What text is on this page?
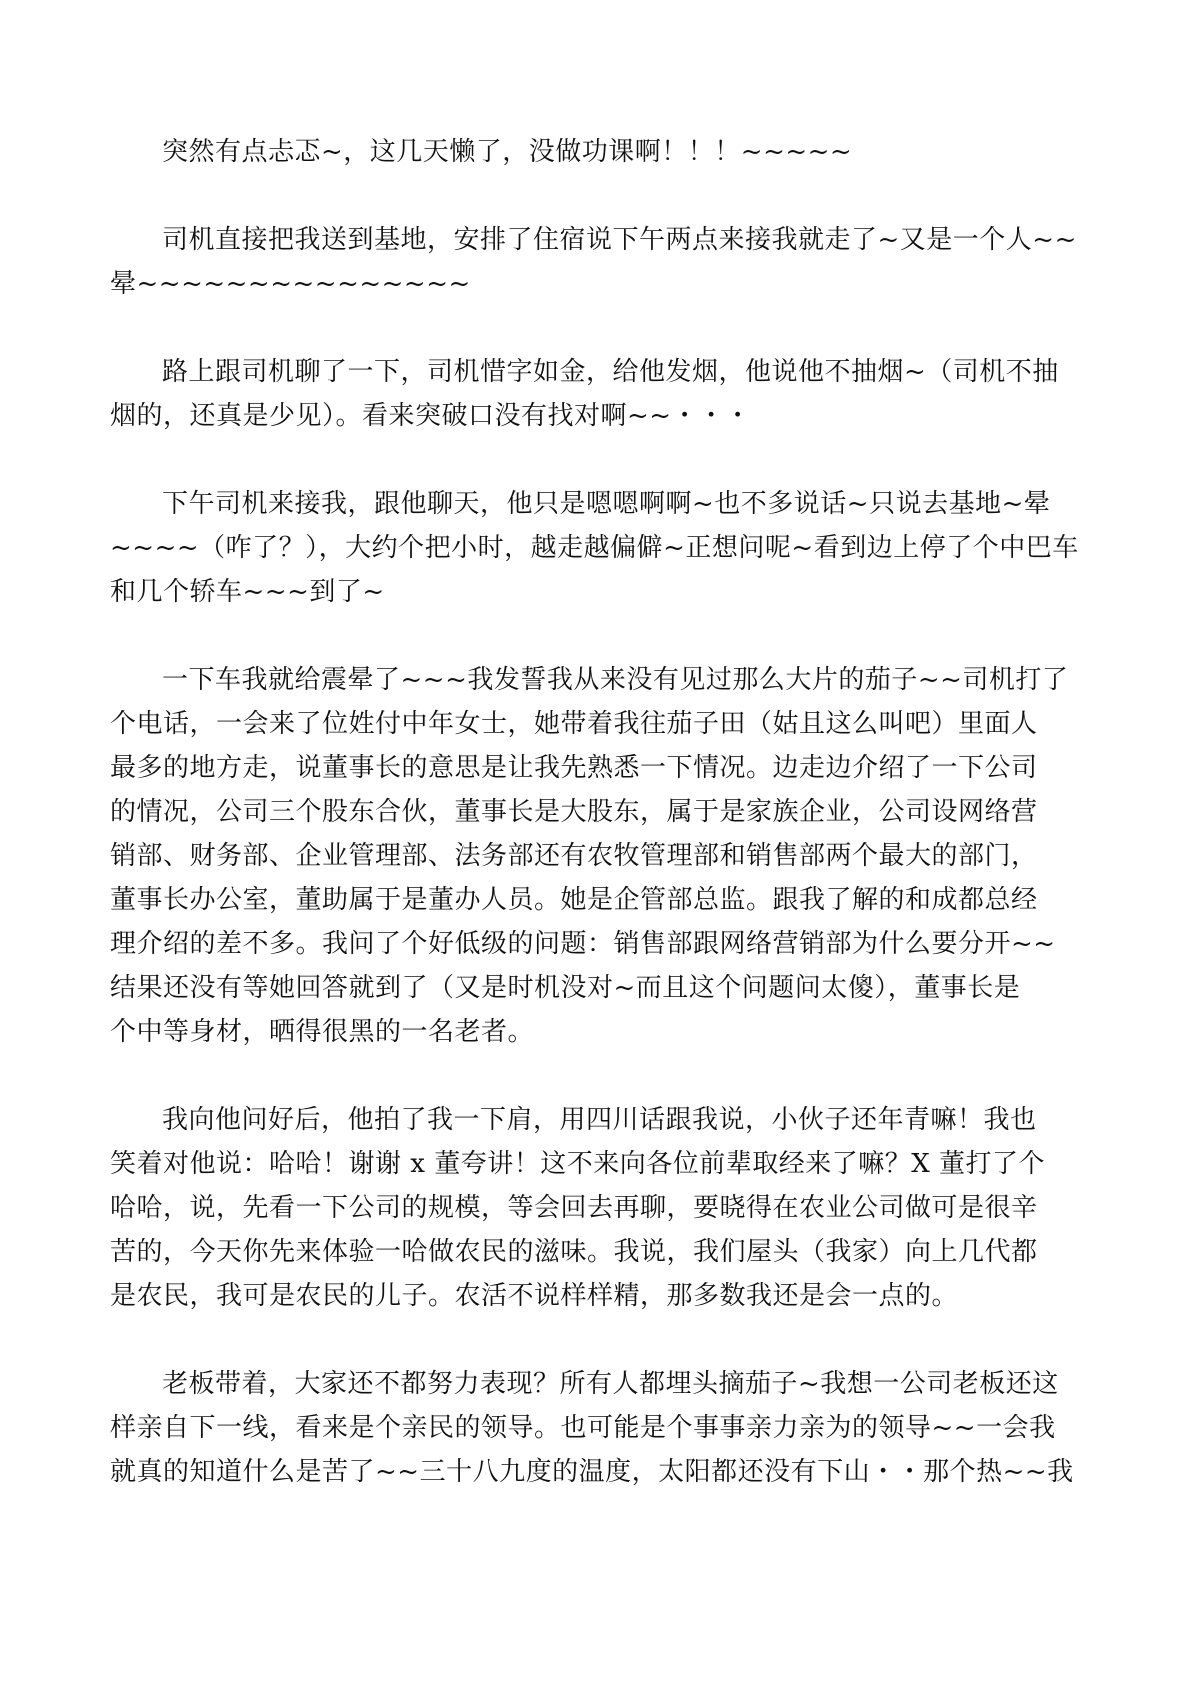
突然有点忐忑~，这几天懒了，没做功课啊！！！~~~~~

司机直接把我送到基地，安排了住宿说下午两点来接我就走了~又是一个人~~
晕~~~~~~~~~~~~~~~

路上跟司机聊了一下，司机惜字如金，给他发烟，他说他不抽烟~（司机不抽
烟的，还真是少见）。看来突破口没有找对啊~~・・・

下午司机来接我，跟他聊天，他只是嗯嗯啊啊~也不多说话~只说去基地~晕
~~~~（咋了？），大约个把小时，越走越偏僻~正想问呢~看到边上停了个中巴车
和几个轿车~~~到了~

一下车我就给震晕了~~~我发誓我从来没有见过那么大片的茄子~~司机打了
个电话，一会来了位姓付中年女士，她带着我往茄子田（姑且这么叫吧）里面人
最多的地方走，说董事长的意思是让我先熟悉一下情况。边走边介绍了一下公司
的情况，公司三个股东合伙，董事长是大股东，属于是家族企业，公司设网络营
销部、财务部、企业管理部、法务部还有农牧管理部和销售部两个最大的部门，
董事长办公室，董助属于是董办人员。她是企管部总监。跟我了解的和成都总经
理介绍的差不多。我问了个好低级的问题：销售部跟网络营销部为什么要分开~~
结果还没有等她回答就到了（又是时机没对~而且这个问题问太傻），董事长是
个中等身材，晒得很黑的一名老者。

我向他问好后，他拍了我一下肩，用四川话跟我说，小伙子还年青嘛！我也
笑着对他说：哈哈！谢谢 x 董夸讲！这不来向各位前辈取经来了嘛？X 董打了个
哈哈，说，先看一下公司的规模，等会回去再聊，要晓得在农业公司做可是很辛
苦的，今天你先来体验一哈做农民的滋味。我说，我们屋头（我家）向上几代都
是农民，我可是农民的儿子。农活不说样样精，那多数我还是会一点的。

老板带着，大家还不都努力表现？所有人都埋头摘茄子~我想一公司老板还这
样亲自下一线，看来是个亲民的领导。也可能是个事事亲力亲为的领导~~一会我
就真的知道什么是苦了~~三十八九度的温度，太阳都还没有下山・・那个热~~我
